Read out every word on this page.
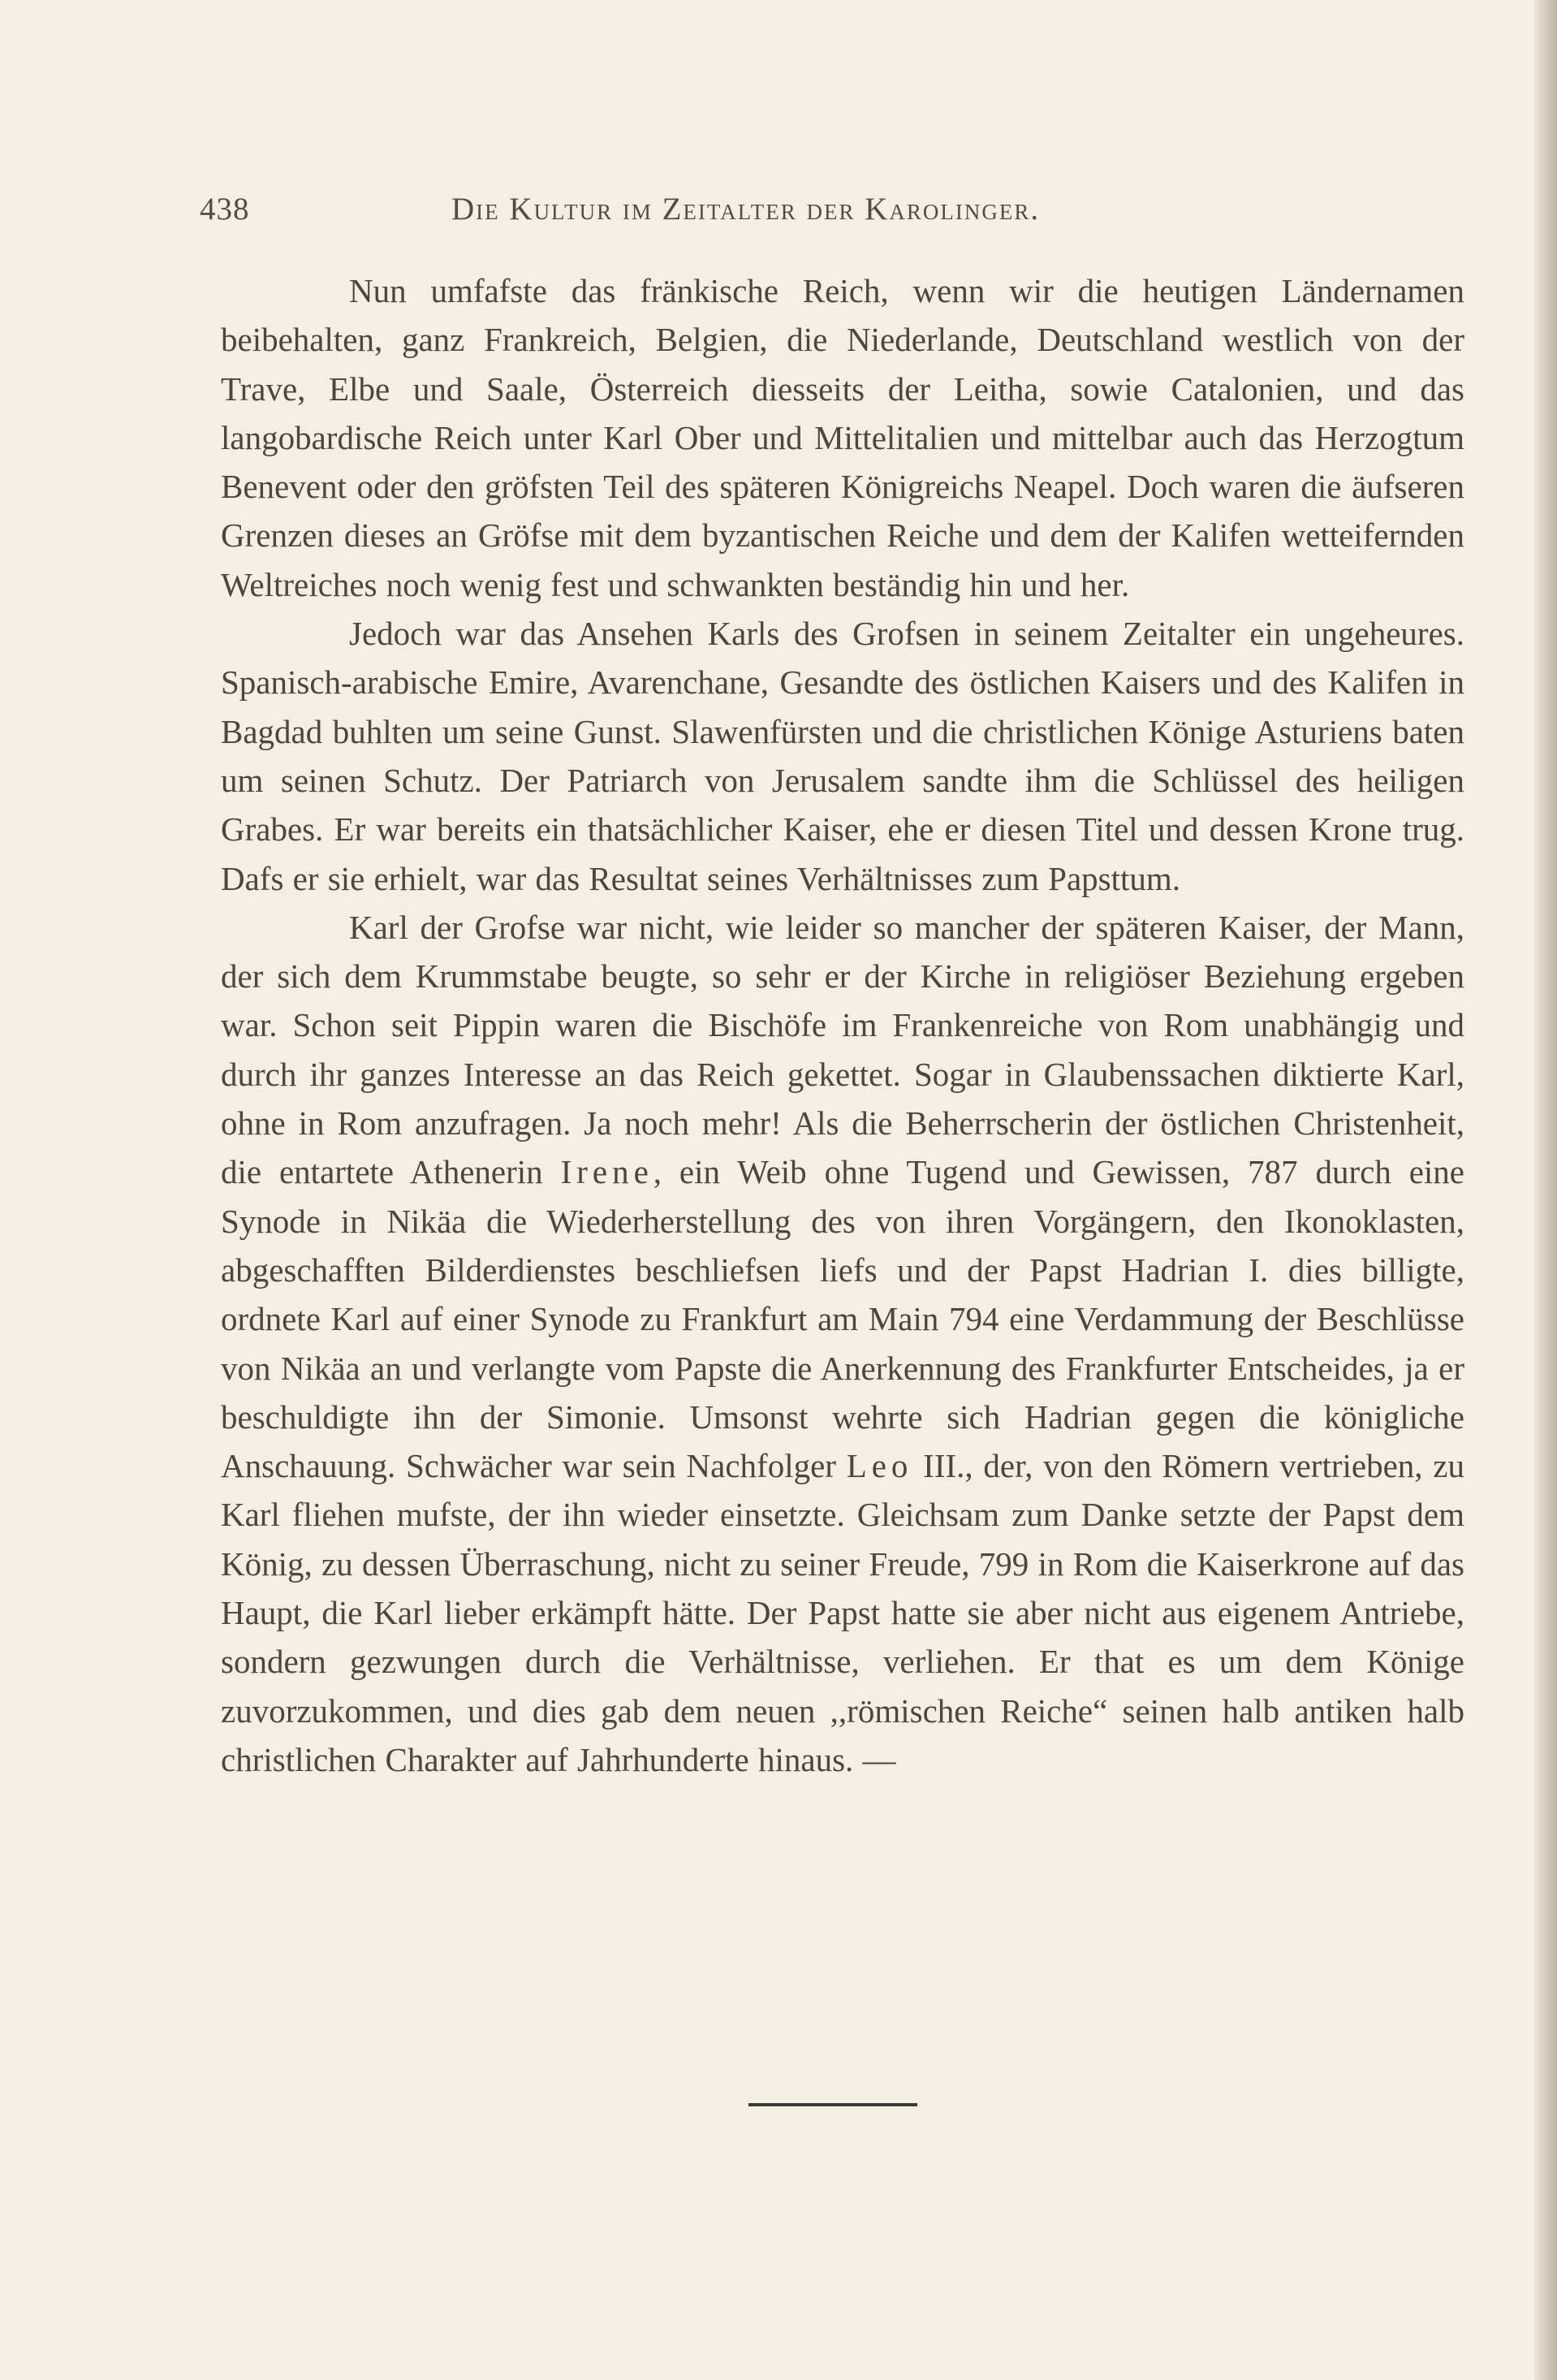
438	Die Kultur im Zeitalter der Karolinger.

Nun umfafste das fränkische Reich, wenn wir die heutigen Ländernamen beibehalten, ganz Frankreich, Belgien, die Niederlande, Deutschland westlich von der Trave, Elbe und Saale, Österreich diesseits der Leitha, sowie Catalonien, und das langobardische Reich unter Karl Ober und Mittelitalien und mittelbar auch das Herzogtum Benevent oder den gröfsten Teil des späteren Königreichs Neapel. Doch waren die äufseren Grenzen dieses an Gröfse mit dem byzantischen Reiche und dem der Kalifen wetteifernden Weltreiches noch wenig fest und schwankten beständig hin und her.

Jedoch war das Ansehen Karls des Grofsen in seinem Zeitalter ein ungeheures. Spanisch-arabische Emire, Avarenchane, Gesandte des östlichen Kaisers und des Kalifen in Bagdad buhlten um seine Gunst. Slawenfürsten und die christlichen Könige Asturiens baten um seinen Schutz. Der Patriarch von Jerusalem sandte ihm die Schlüssel des heiligen Grabes. Er war bereits ein thatsächlicher Kaiser, ehe er diesen Titel und dessen Krone trug. Dafs er sie erhielt, war das Resultat seines Verhältnisses zum Papsttum.

Karl der Grofse war nicht, wie leider so mancher der späteren Kaiser, der Mann, der sich dem Krummstabe beugte, so sehr er der Kirche in religiöser Beziehung ergeben war. Schon seit Pippin waren die Bischöfe im Frankenreiche von Rom unabhängig und durch ihr ganzes Interesse an das Reich gekettet. Sogar in Glaubenssachen diktierte Karl, ohne in Rom anzufragen. Ja noch mehr! Als die Beherrscherin der östlichen Christenheit, die entartete Athenerin Irene, ein Weib ohne Tugend und Gewissen, 787 durch eine Synode in Nikäa die Wiederherstellung des von ihren Vorgängern, den Ikonoklasten, abgeschafften Bilderdienstes beschliefsen liefs und der Papst Hadrian I. dies billigte, ordnete Karl auf einer Synode zu Frankfurt am Main 794 eine Verdammung der Beschlüsse von Nikäa an und verlangte vom Papste die Anerkennung des Frankfurter Entscheides, ja er beschuldigte ihn der Simonie. Umsonst wehrte sich Hadrian gegen die königliche Anschauung. Schwächer war sein Nachfolger Leo III., der, von den Römern vertrieben, zu Karl fliehen mufste, der ihn wieder einsetzte. Gleichsam zum Danke setzte der Papst dem König, zu dessen Überraschung, nicht zu seiner Freude, 799 in Rom die Kaiserkrone auf das Haupt, die Karl lieber erkämpft hätte. Der Papst hatte sie aber nicht aus eigenem Antriebe, sondern gezwungen durch die Verhältnisse, verliehen. Er that es um dem Könige zuvorzukommen, und dies gab dem neuen ,,römischen Reiche“ seinen halb antiken halb christlichen Charakter auf Jahrhunderte hinaus. —
